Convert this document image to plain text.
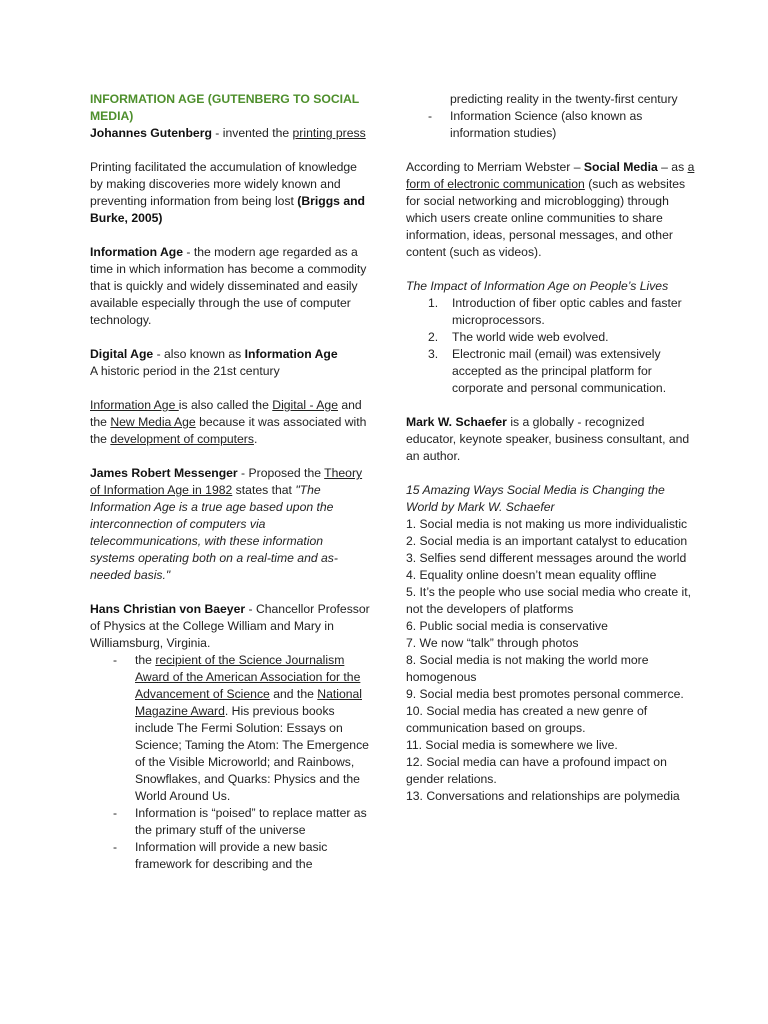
INFORMATION AGE (GUTENBERG TO SOCIAL MEDIA)

Johannes Gutenberg - invented the printing press

Printing facilitated the accumulation of knowledge by making discoveries more widely known and preventing information from being lost (Briggs and Burke, 2005)

Information Age - the modern age regarded as a time in which information has become a commodity that is quickly and widely disseminated and easily available especially through the use of computer technology.

Digital Age - also known as Information Age
A historic period in the 21st century

Information Age is also called the Digital - Age and the New Media Age because it was associated with the development of computers.

James Robert Messenger - Proposed the Theory of Information Age in 1982 states that "The Information Age is a true age based upon the interconnection of computers via telecommunications, with these information systems operating both on a real-time and as-needed basis."

Hans Christian von Baeyer - Chancellor Professor of Physics at the College William and Mary in Williamsburg, Virginia.

- the recipient of the Science Journalism Award of the American Association for the Advancement of Science and the National Magazine Award. His previous books include The Fermi Solution: Essays on Science; Taming the Atom: The Emergence of the Visible Microworld; and Rainbows, Snowflakes, and Quarks: Physics and the World Around Us.
- Information is “poised” to replace matter as the primary stuff of the universe
- Information will provide a new basic framework for describing and the
predicting reality in the twenty-first century
- Information Science (also known as information studies)

According to Merriam Webster – Social Media – as a form of electronic communication (such as websites for social networking and microblogging) through which users create online communities to share information, ideas, personal messages, and other content (such as videos).

The Impact of Information Age on People’s Lives

1. Introduction of fiber optic cables and faster microprocessors.
2. The world wide web evolved.
3. Electronic mail (email) was extensively accepted as the principal platform for corporate and personal communication.

Mark W. Schaefer is a globally - recognized educator, keynote speaker, business consultant, and an author.

15 Amazing Ways Social Media is Changing the World by Mark W. Schaefer

1. Social media is not making us more individualistic
2. Social media is an important catalyst to education
3. Selfies send different messages around the world
4. Equality online doesn’t mean equality offline
5. It’s the people who use social media who create it, not the developers of platforms
6. Public social media is conservative
7. We now “talk” through photos
8. Social media is not making the world more homogenous
9. Social media best promotes personal commerce.
10. Social media has created a new genre of communication based on groups.
11. Social media is somewhere we live.
12. Social media can have a profound impact on gender relations.
13. Conversations and relationships are polymedia
